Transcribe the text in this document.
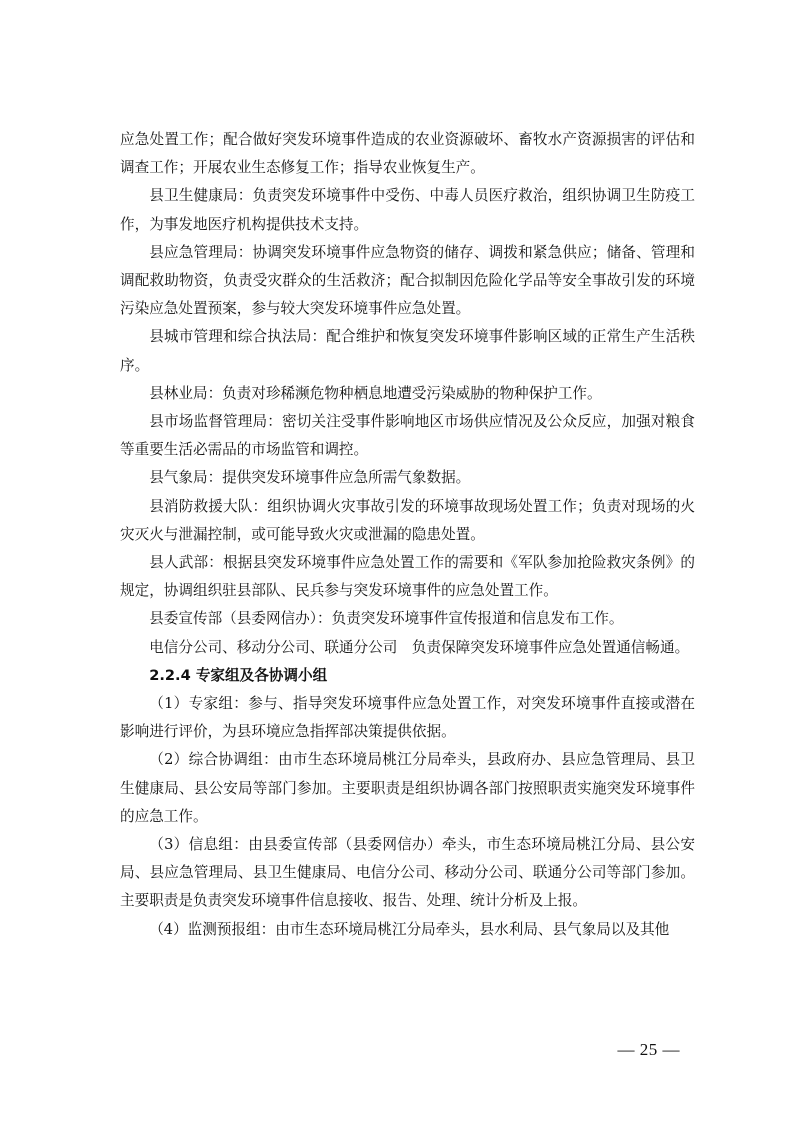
应急处置工作；配合做好突发环境事件造成的农业资源破坏、畜牧水产资源损害的评估和调查工作；开展农业生态修复工作；指导农业恢复生产。

县卫生健康局：负责突发环境事件中受伤、中毒人员医疗救治，组织协调卫生防疫工作，为事发地医疗机构提供技术支持。

县应急管理局：协调突发环境事件应急物资的储存、调拨和紧急供应；储备、管理和调配救助物资，负责受灾群众的生活救济；配合拟制因危险化学品等安全事故引发的环境污染应急处置预案，参与较大突发环境事件应急处置。

县城市管理和综合执法局：配合维护和恢复突发环境事件影响区域的正常生产生活秩序。

县林业局：负责对珍稀濒危物种栖息地遭受污染威胁的物种保护工作。

县市场监督管理局：密切关注受事件影响地区市场供应情况及公众反应，加强对粮食等重要生活必需品的市场监管和调控。

县气象局：提供突发环境事件应急所需气象数据。

县消防救援大队：组织协调火灾事故引发的环境事故现场处置工作；负责对现场的火灾灭火与泄漏控制，或可能导致火灾或泄漏的隐患处置。

县人武部：根据县突发环境事件应急处置工作的需要和《军队参加抢险救灾条例》的规定，协调组织驻县部队、民兵参与突发环境事件的应急处置工作。

县委宣传部（县委网信办）：负责突发环境事件宣传报道和信息发布工作。

电信分公司、移动分公司、联通分公司　负责保障突发环境事件应急处置通信畅通。

2.2.4 专家组及各协调小组

（1）专家组：参与、指导突发环境事件应急处置工作，对突发环境事件直接或潜在影响进行评价，为县环境应急指挥部决策提供依据。

（2）综合协调组：由市生态环境局桃江分局牵头，县政府办、县应急管理局、县卫生健康局、县公安局等部门参加。主要职责是组织协调各部门按照职责实施突发环境事件的应急工作。

（3）信息组：由县委宣传部（县委网信办）牵头，市生态环境局桃江分局、县公安局、县应急管理局、县卫生健康局、电信分公司、移动分公司、联通分公司等部门参加。主要职责是负责突发环境事件信息接收、报告、处理、统计分析及上报。

（4）监测预报组：由市生态环境局桃江分局牵头，县水利局、县气象局以及其他

— 25 —
